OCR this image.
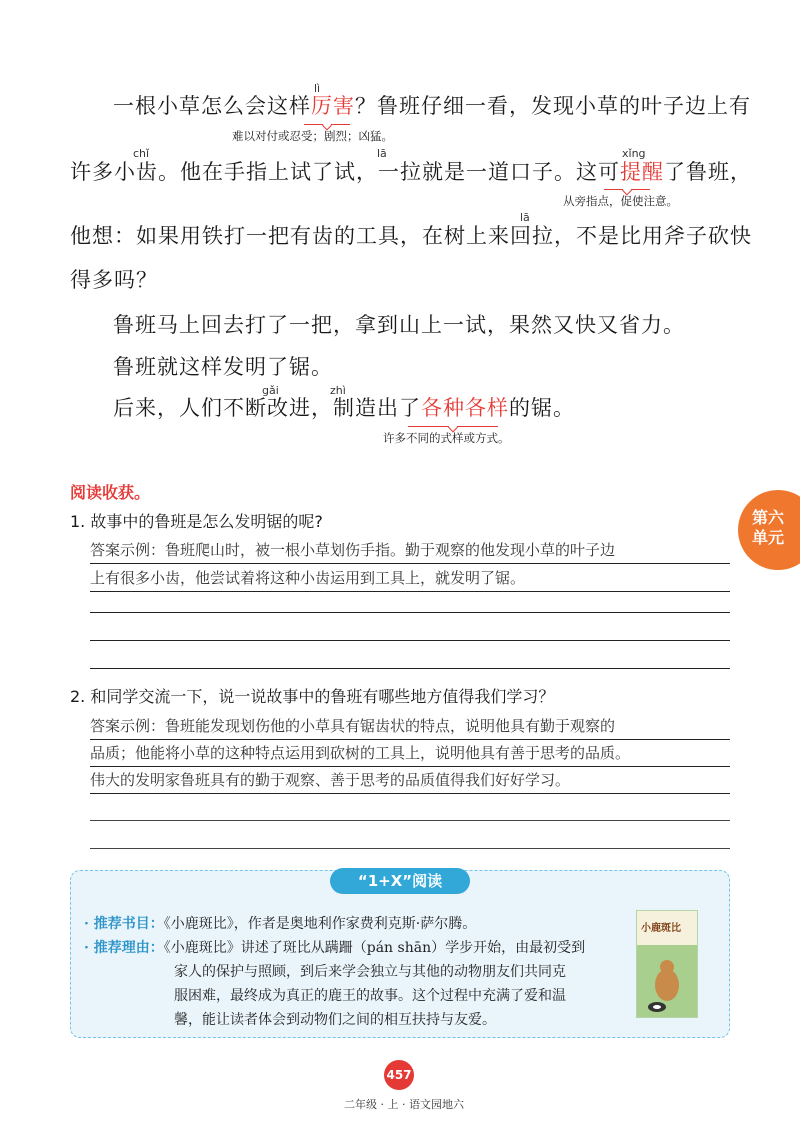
lì
一根小草怎么会这样厉害？鲁班仔细一看，发现小草的叶子边上有
难以对付或忍受；剧烈；凶猛。
chǐ	lā	xǐng
许多小齿。他在手指上试了试，一拉就是一道口子。这可提醒了鲁班，
从旁指点，促使注意。
lā
他想：如果用铁打一把有齿的工具，在树上来回拉，不是比用斧子砍快
得多吗？
鲁班马上回去打了一把，拿到山上一试，果然又快又省力。
鲁班就这样发明了锯。
gǎi	zhì
后来，人们不断改进，制造出了各种各样的锯。
许多不同的式样或方式。
阅读收获。
1. 故事中的鲁班是怎么发明锯的呢?
答案示例：鲁班爬山时，被一根小草划伤手指。勤于观察的他发现小草的叶子边
上有很多小齿，他尝试着将这种小齿运用到工具上，就发明了锯。
2. 和同学交流一下，说一说故事中的鲁班有哪些地方值得我们学习？
答案示例：鲁班能发现划伤他的小草具有锯齿状的特点，说明他具有勤于观察的
品质；他能将小草的这种特点运用到砍树的工具上，说明他具有善于思考的品质。
伟大的发明家鲁班具有的勤于观察、善于思考的品质值得我们好好学习。
第六
单元
“1+X”阅读
· 推荐书目：《小鹿斑比》，作者是奥地利作家费利克斯·萨尔腾。
· 推荐理由：《小鹿斑比》讲述了斑比从蹒跚（pán shān）学步开始，由最初受到
家人的保护与照顾，到后来学会独立与其他的动物朋友们共同克
服困难，最终成为真正的鹿王的故事。这个过程中充满了爱和温
馨，能让读者体会到动物们之间的相互扶持与友爱。
小鹿斑比
457
二年级 · 上 · 语文园地六
